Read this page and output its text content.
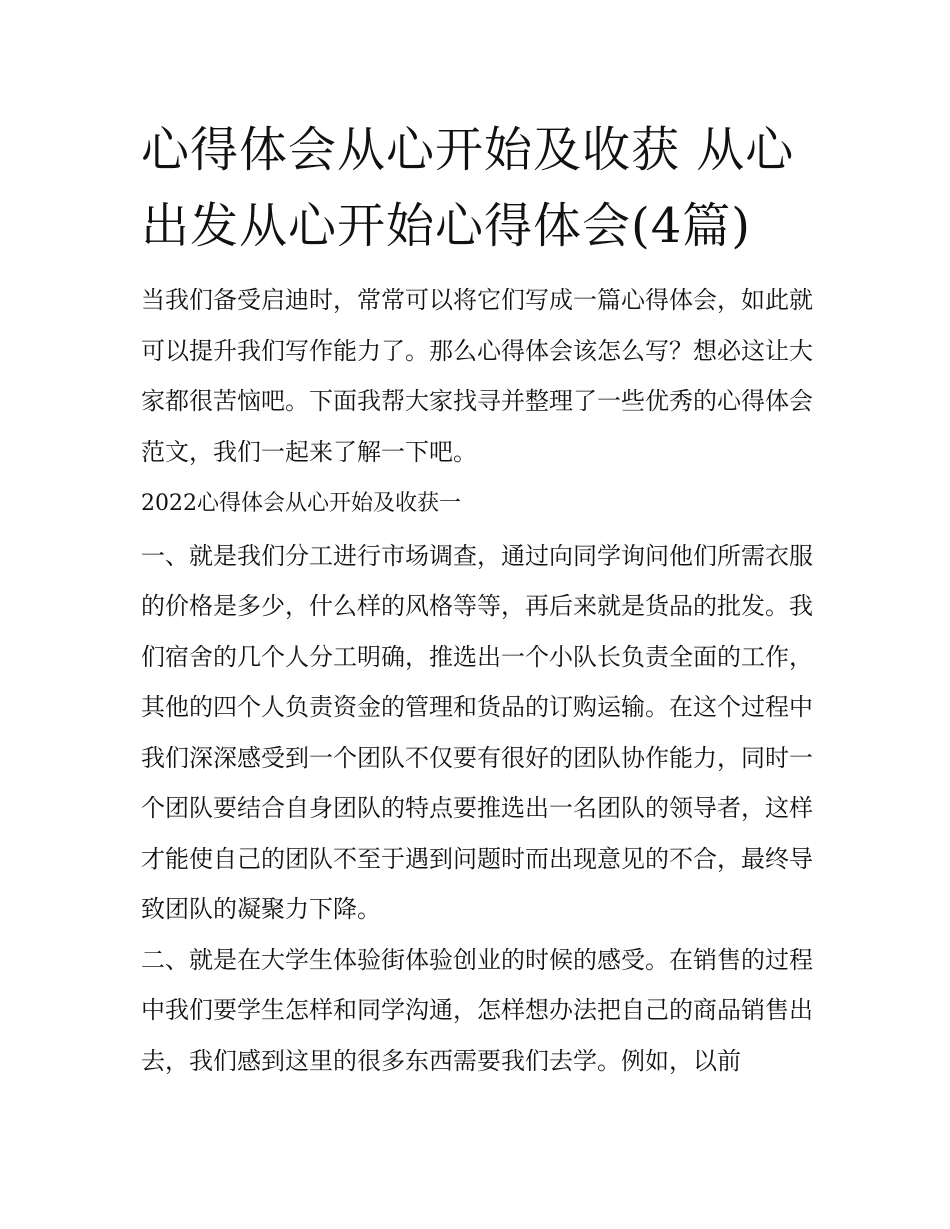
心得体会从心开始及收获 从心出发从心开始心得体会(4篇)

当我们备受启迪时，常常可以将它们写成一篇心得体会，如此就可以提升我们写作能力了。那么心得体会该怎么写？想必这让大家都很苦恼吧。下面我帮大家找寻并整理了一些优秀的心得体会范文，我们一起来了解一下吧。

2022心得体会从心开始及收获一

一、就是我们分工进行市场调查，通过向同学询问他们所需衣服的价格是多少，什么样的风格等等，再后来就是货品的批发。我们宿舍的几个人分工明确，推选出一个小队长负责全面的工作，其他的四个人负责资金的管理和货品的订购运输。在这个过程中我们深深感受到一个团队不仅要有很好的团队协作能力，同时一个团队要结合自身团队的特点要推选出一名团队的领导者，这样才能使自己的团队不至于遇到问题时而出现意见的不合，最终导致团队的凝聚力下降。

二、就是在大学生体验街体验创业的时候的感受。在销售的过程中我们要学生怎样和同学沟通，怎样想办法把自己的商品销售出去，我们感到这里的很多东西需要我们去学。例如，以前
